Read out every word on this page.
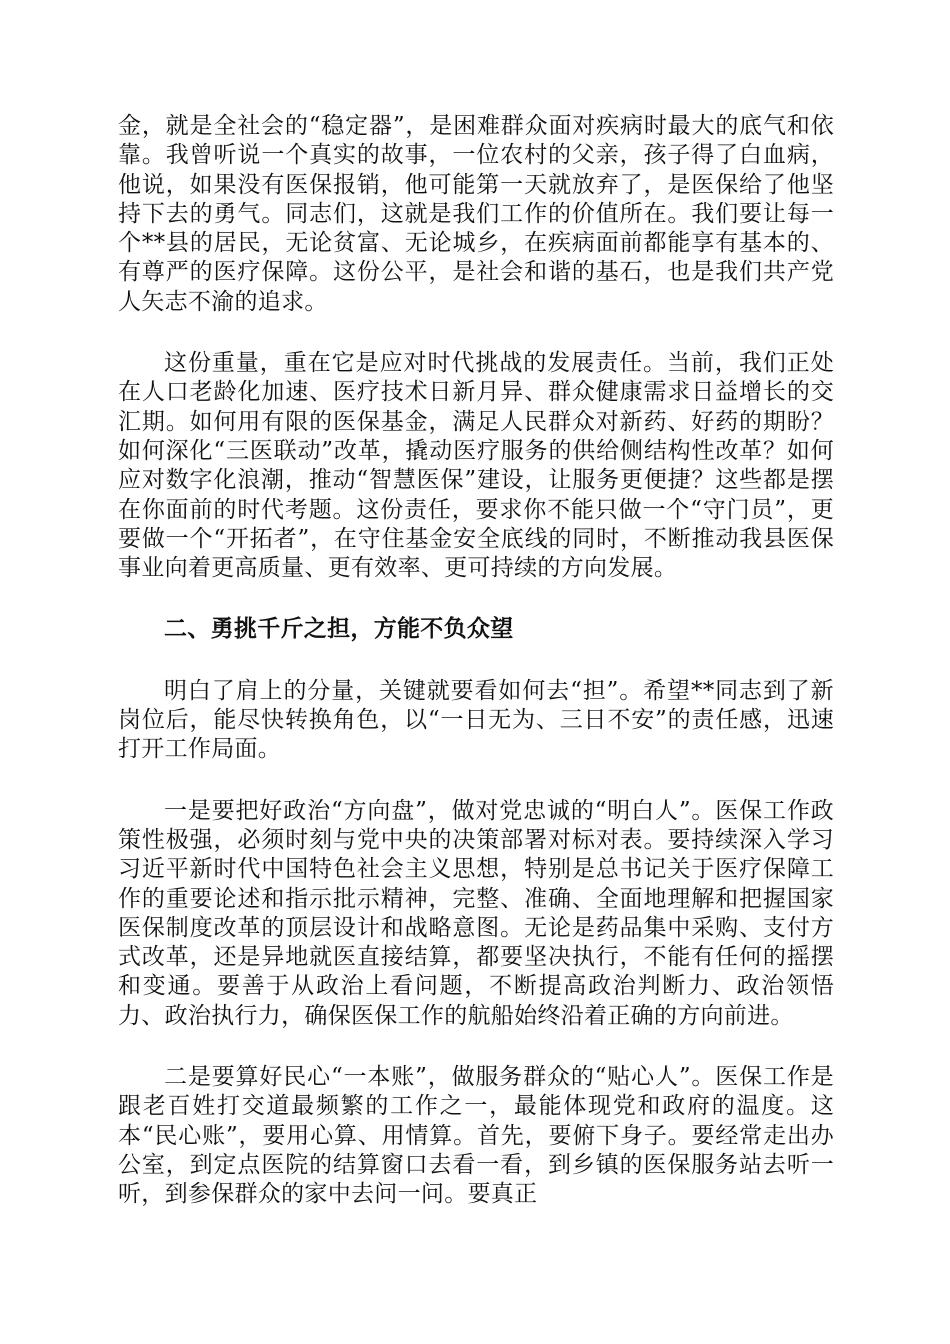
金，就是全社会的“稳定器”，是困难群众面对疾病时最大的底气和依靠。我曾听说一个真实的故事，一位农村的父亲，孩子得了白血病，他说，如果没有医保报销，他可能第一天就放弃了，是医保给了他坚持下去的勇气。同志们，这就是我们工作的价值所在。我们要让每一个**县的居民，无论贫富、无论城乡，在疾病面前都能享有基本的、有尊严的医疗保障。这份公平，是社会和谐的基石，也是我们共产党人矢志不渝的追求。

这份重量，重在它是应对时代挑战的发展责任。当前，我们正处在人口老龄化加速、医疗技术日新月异、群众健康需求日益增长的交汇期。如何用有限的医保基金，满足人民群众对新药、好药的期盼？如何深化“三医联动”改革，撬动医疗服务的供给侧结构性改革？如何应对数字化浪潮，推动“智慧医保”建设，让服务更便捷？这些都是摆在你面前的时代考题。这份责任，要求你不能只做一个“守门员”，更要做一个“开拓者”，在守住基金安全底线的同时，不断推动我县医保事业向着更高质量、更有效率、更可持续的方向发展。

二、勇挑千斤之担，方能不负众望

明白了肩上的分量，关键就要看如何去“担”。希望**同志到了新岗位后，能尽快转换角色，以“一日无为、三日不安”的责任感，迅速打开工作局面。

一是要把好政治“方向盘”，做对党忠诚的“明白人”。医保工作政策性极强，必须时刻与党中央的决策部署对标对表。要持续深入学习习近平新时代中国特色社会主义思想，特别是总书记关于医疗保障工作的重要论述和指示批示精神，完整、准确、全面地理解和把握国家医保制度改革的顶层设计和战略意图。无论是药品集中采购、支付方式改革，还是异地就医直接结算，都要坚决执行，不能有任何的摇摆和变通。要善于从政治上看问题，不断提高政治判断力、政治领悟力、政治执行力，确保医保工作的航船始终沿着正确的方向前进。

二是要算好民心“一本账”，做服务群众的“贴心人”。医保工作是跟老百姓打交道最频繁的工作之一，最能体现党和政府的温度。这本“民心账”，要用心算、用情算。首先，要俯下身子。要经常走出办公室，到定点医院的结算窗口去看一看，到乡镇的医保服务站去听一听，到参保群众的家中去问一问。要真正
